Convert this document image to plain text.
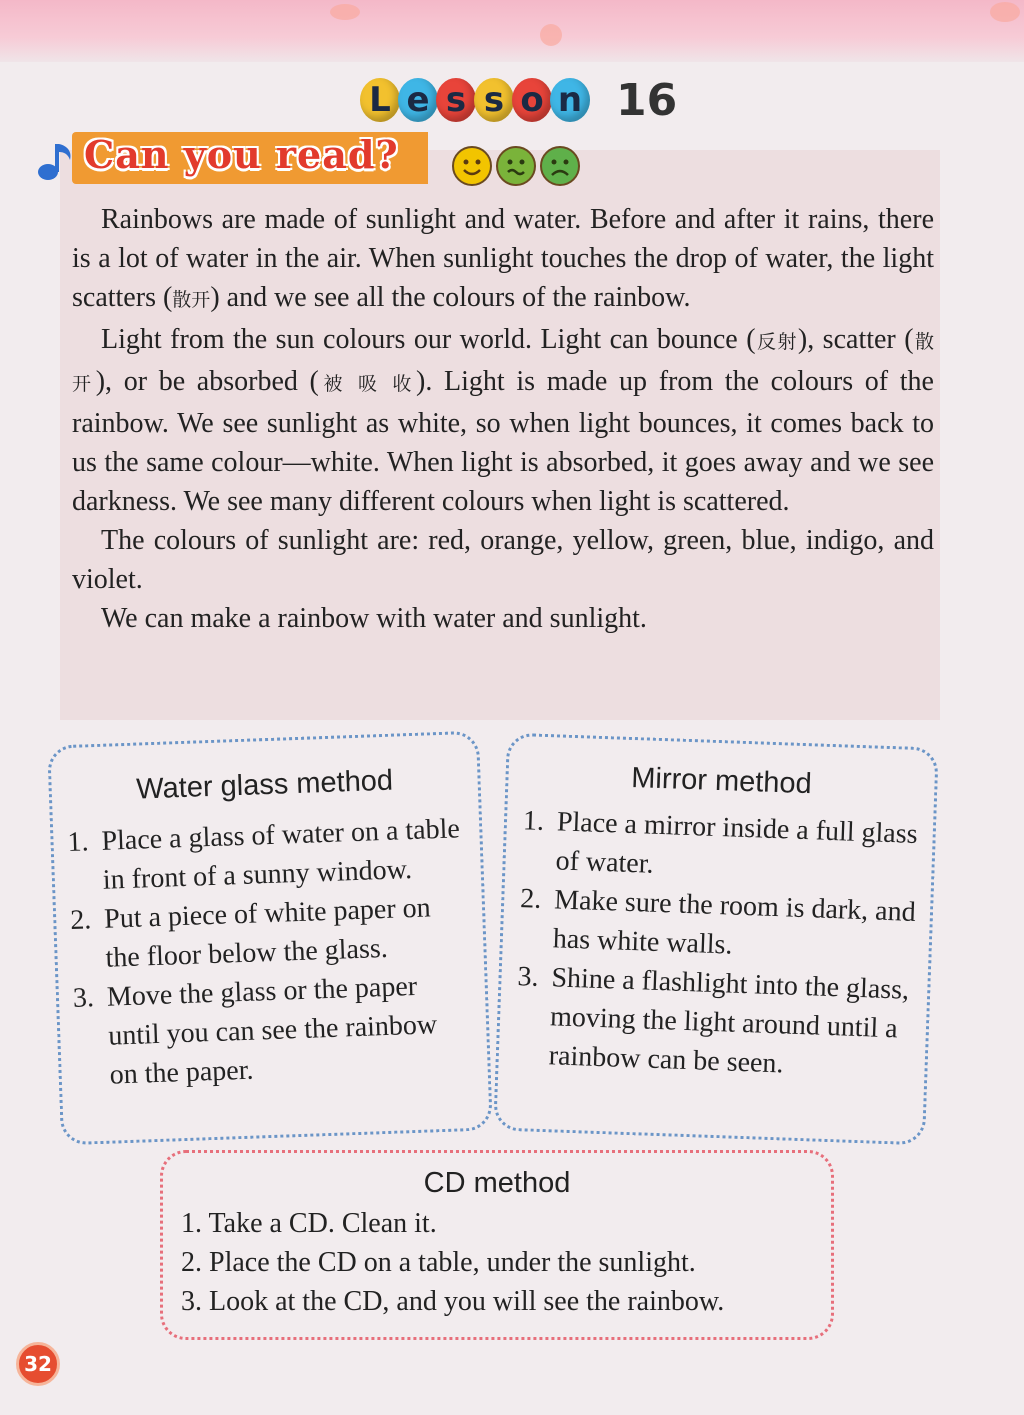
L e s s o n 16
Can you read?

Rainbows are made of sunlight and water. Before and after it rains, there is a lot of water in the air. When sunlight touches the drop of water, the light scatters (散开) and we see all the colours of the rainbow.

Light from the sun colours our world. Light can bounce (反射), scatter (散 开), or be absorbed (被 吸 收). Light is made up from the colours of the rainbow. We see sunlight as white, so when light bounces, it comes back to us the same colour—white. When light is absorbed, it goes away and we see darkness. We see many different colours when light is scattered.

The colours of sunlight are: red, orange, yellow, green, blue, indigo, and violet.

We can make a rainbow with water and sunlight.

Water glass method
1. Place a glass of water on a table in front of a sunny window.
2. Put a piece of white paper on the floor below the glass.
3. Move the glass or the paper until you can see the rainbow on the paper.
Mirror method
1. Place a mirror inside a full glass of water.
2. Make sure the room is dark, and has white walls.
3. Shine a flashlight into the glass, moving the light around until a rainbow can be seen.
CD method
1. Take a CD. Clean it.
2. Place the CD on a table, under the sunlight.
3. Look at the CD, and you will see the rainbow.
32
